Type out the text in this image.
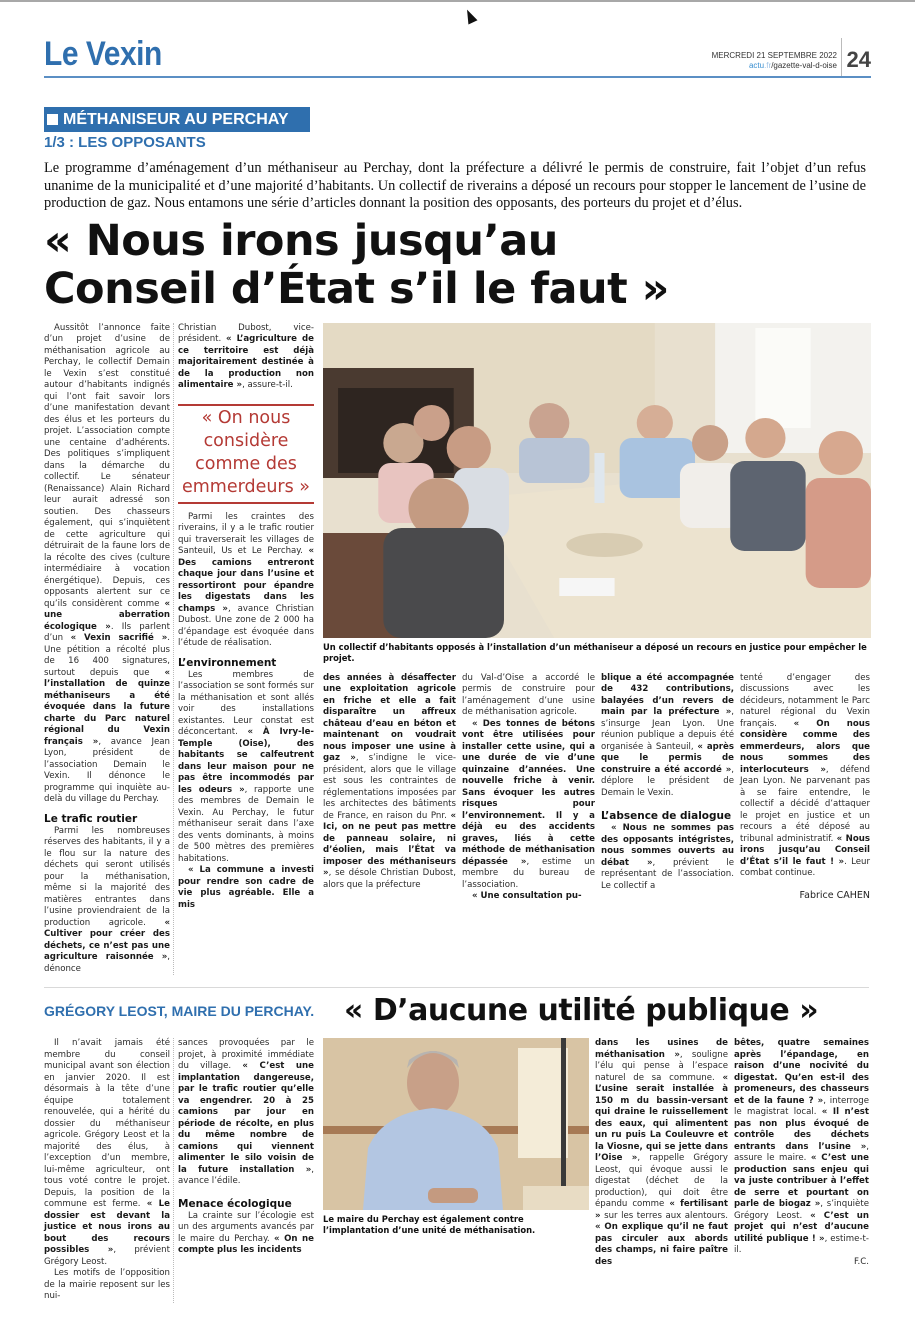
Le Vexin	MERCREDI 21 SEPTEMBRE 2022
actu.fr/gazette-val-d-oise 24
MÉTHANISEUR AU PERCHAY
1/3 : LES OPPOSANTS
Le programme d’aménagement d’un méthaniseur au Perchay, dont la préfecture a délivré le permis de construire, fait l’objet d’un refus unanime de la municipalité et d’une majorité d’habitants. Un collectif de riverains a déposé un recours pour stopper le lancement de l’usine de production de gaz. Nous entamons une série d’articles donnant la position des opposants, des porteurs du projet et d’élus.
« Nous irons jusqu’au
Conseil d’État s’il le faut »

Aussitôt l’annonce faite d’un projet d’usine de méthanisation agricole au Perchay, le collectif Demain le Vexin s’est constitué autour d’habitants indignés qui l’ont fait savoir lors d’une manifestation devant des élus et les porteurs du projet. L’association compte une centaine d’adhérents. Des politiques s’impliquent dans la démarche du collectif. Le sénateur (Renaissance) Alain Richard leur aurait adressé son soutien. Des chasseurs également, qui s’inquiètent de cette agriculture qui détruirait de la faune lors de la récolte des cives (culture intermédiaire à vocation énergétique). Depuis, ces opposants alertent sur ce qu’ils considèrent comme « une aberration écologique ». Ils parlent d’un « Vexin sacrifié ». Une pétition a récolté plus de 16 400 signatures, surtout depuis que « l’installation de quinze méthaniseurs a été évoquée dans la future charte du Parc naturel régional du Vexin français », avance Jean Lyon, président de l’association Demain le Vexin. Il dénonce le programme qui inquiète au-delà du village du Perchay.

Le trafic routier

Parmi les nombreuses réserves des habitants, il y a le flou sur la nature des déchets qui seront utilisés pour la méthanisation, même si la majorité des matières entrantes dans l’usine proviendraient de la production agricole. « Cultiver pour créer des déchets, ce n’est pas une agriculture raisonnée », dénonce

Christian Dubost, vice-président. « L’agriculture de ce territoire est déjà majoritairement destinée à de la production non alimentaire », assure-t-il.

« On nous considère comme des emmerdeurs »

Parmi les craintes des riverains, il y a le trafic routier qui traverserait les villages de Santeuil, Us et Le Perchay. « Des camions entreront chaque jour dans l’usine et ressortiront pour épandre les digestats dans les champs », avance Christian Dubost. Une zone de 2 000 ha d’épandage est évoquée dans l’étude de réalisation.

L’environnement

Les membres de l’association se sont formés sur la méthanisation et sont allés voir des installations existantes. Leur constat est déconcertant. « À Ivry-le-Temple (Oise), des habitants se calfeutrent dans leur maison pour ne pas être incommodés par les odeurs », rapporte une des membres de Demain le Vexin. Au Perchay, le futur méthaniseur serait dans l’axe des vents dominants, à moins de 500 mètres des premières habitations.

« La commune a investi pour rendre son cadre de vie plus agréable. Elle a mis

Un collectif d’habitants opposés à l’installation d’un méthaniseur a déposé un recours en justice pour empêcher le projet.

des années à désaffecter une exploitation agricole en friche et elle a fait disparaître un affreux château d’eau en béton et maintenant on voudrait nous imposer une usine à gaz », s’indigne le vice-président, alors que le village est sous les contraintes de réglementations imposées par les architectes des bâtiments de France, en raison du Pnr. « Ici, on ne peut pas mettre de panneau solaire, ni d’éolien, mais l’État va imposer des méthaniseurs », se désole Christian Dubost, alors que la préfecture

du Val-d’Oise a accordé le permis de construire pour l’aménagement d’une usine de méthanisation agricole.

« Des tonnes de bétons vont être utilisées pour installer cette usine, qui a une durée de vie d’une quinzaine d’années. Une nouvelle friche à venir. Sans évoquer les autres risques pour l’environnement. Il y a déjà eu des accidents graves, liés à cette méthode de méthanisation dépassée », estime un membre du bureau de l’association.

« Une consultation pu-

blique a été accompagnée de 432 contributions, balayées d’un revers de main par la préfecture », s’insurge Jean Lyon. Une réunion publique a depuis été organisée à Santeuil, « après que le permis de construire a été accordé », déplore le président de Demain le Vexin.

L’absence de dialogue

« Nous ne sommes pas des opposants intégristes, nous sommes ouverts au débat », prévient le représentant de l’association. Le collectif a

tenté d’engager des discussions avec les décideurs, notamment le Parc naturel régional du Vexin français. « On nous considère comme des emmerdeurs, alors que nous sommes des interlocuteurs », défend Jean Lyon. Ne parvenant pas à se faire entendre, le collectif a décidé d’attaquer le projet en justice et un recours a été déposé au tribunal administratif. « Nous irons jusqu’au Conseil d’État s’il le faut ! ». Leur combat continue.

Fabrice CAHEN
GRÉGORY LEOST, MAIRE DU PERCHAY. « D’aucune utilité publique »

Il n’avait jamais été membre du conseil municipal avant son élection en janvier 2020. Il est désormais à la tête d’une équipe totalement renouvelée, qui a hérité du dossier du méthaniseur agricole. Grégory Leost et la majorité des élus, à l’exception d’un membre, lui-même agriculteur, ont tous voté contre le projet. Depuis, la position de la commune est ferme. « Le dossier est devant la justice et nous irons au bout des recours possibles », prévient Grégory Leost.

Les motifs de l’opposition de la mairie reposent sur les nui-

sances provoquées par le projet, à proximité immédiate du village. « C’est une implantation dangereuse, par le trafic routier qu’elle va engendrer. 20 à 25 camions par jour en période de récolte, en plus du même nombre de camions qui viennent alimenter le silo voisin de la future installation », avance l’édile.

Menace écologique

La crainte sur l’écologie est un des arguments avancés par le maire du Perchay. « On ne compte plus les incidents

Le maire du Perchay est également contre l’implantation d’une unité de méthanisation.

dans les usines de méthanisation », souligne l’élu qui pense à l’espace naturel de sa commune. « L’usine serait installée à 150 m du bassin-versant qui draine le ruissellement des eaux, qui alimentent un ru puis La Couleuvre et la Viosne, qui se jette dans l’Oise », rappelle Grégory Leost, qui évoque aussi le digestat (déchet de la production), qui doit être épandu comme « fertilisant » sur les terres aux alentours. « On explique qu’il ne faut pas circuler aux abords des champs, ni faire paître des

bêtes, quatre semaines après l’épandage, en raison d’une nocivité du digestat. Qu’en est-il des promeneurs, des chasseurs et de la faune ? », interroge le magistrat local. « Il n’est pas non plus évoqué de contrôle des déchets entrants dans l’usine », assure le maire. « C’est une production sans enjeu qui va juste contribuer à l’effet de serre et pourtant on parle de biogaz », s’inquiète Grégory Leost. « C’est un projet qui n’est d’aucune utilité publique ! », estime-t-il.

F.C.
